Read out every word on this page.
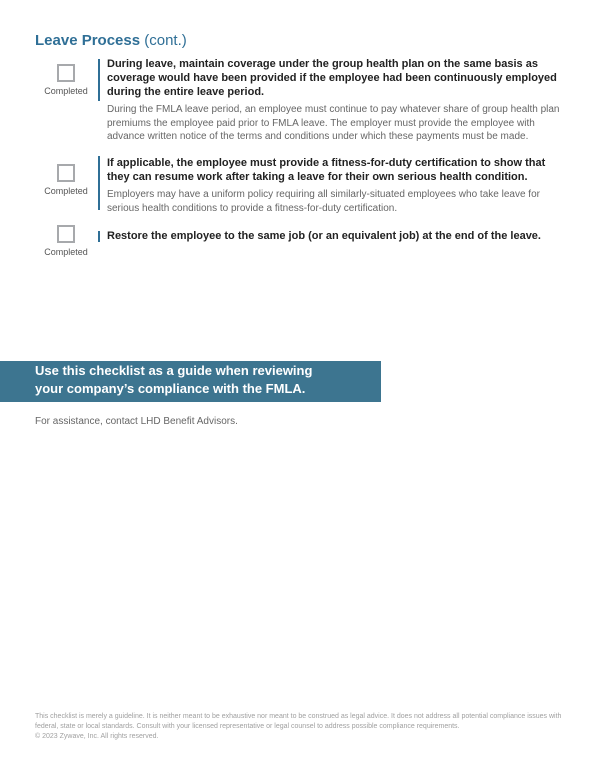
Leave Process (cont.)
Completed
During leave, maintain coverage under the group health plan on the same basis as coverage would have been provided if the employee had been continuously employed during the entire leave period.
During the FMLA leave period, an employee must continue to pay whatever share of group health plan premiums the employee paid prior to FMLA leave. The employer must provide the employee with advance written notice of the terms and conditions under which these payments must be made.
Completed
If applicable, the employee must provide a fitness-for-duty certification to show that they can resume work after taking a leave for their own serious health condition.
Employers may have a uniform policy requiring all similarly-situated employees who take leave for serious health conditions to provide a fitness-for-duty certification.
Completed
Restore the employee to the same job (or an equivalent job) at the end of the leave.
Use this checklist as a guide when reviewing
your company’s compliance with the FMLA.
For assistance, contact LHD Benefit Advisors.
This checklist is merely a guideline. It is neither meant to be exhaustive nor meant to be construed as legal advice. It does not address all potential compliance issues with federal, state or local standards. Consult with your licensed representative or legal counsel to address possible compliance requirements.
© 2023 Zywave, Inc. All rights reserved.
